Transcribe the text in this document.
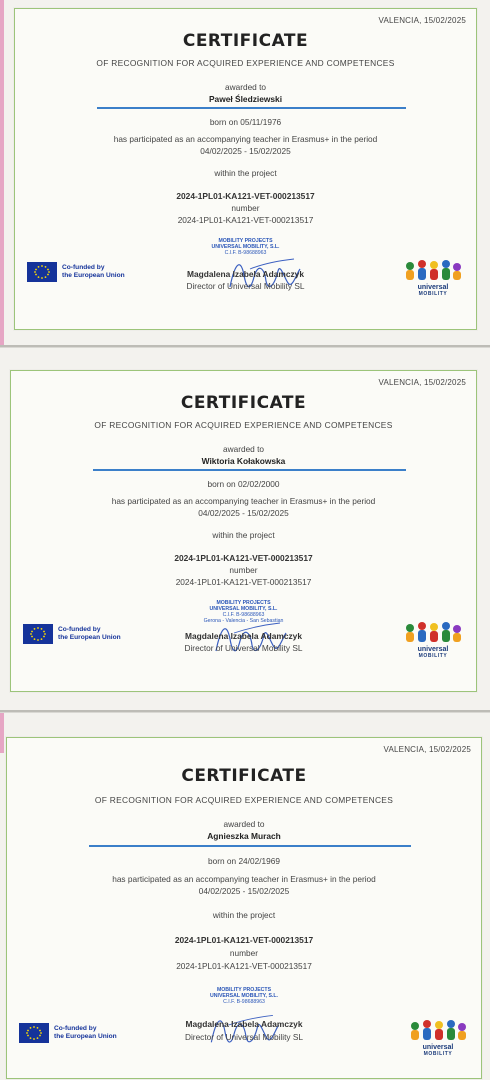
VALENCIA, 15/02/2025
CERTIFICATE
OF RECOGNITION FOR ACQUIRED EXPERIENCE AND COMPETENCES
awarded to
Paweł Śledziewski
born on 05/11/1976
has participated as an accompanying teacher in Erasmus+ in the period
04/02/2025 - 15/02/2025
within the project
2024-1PL01-KA121-VET-000213517
number
2024-1PL01-KA121-VET-000213517
MOBILITY PROJECTS
UNIVERSAL MOBILITY, S.L.
C.I.F. B-98688963
Magdalena Izabela Adamczyk
Director of Universal Mobility SL
Co-funded by
the European Union
universal
MOBILITY
VALENCIA, 15/02/2025
CERTIFICATE
OF RECOGNITION FOR ACQUIRED EXPERIENCE AND COMPETENCES
awarded to
Wiktoria Kołakowska
born on 02/02/2000
has participated as an accompanying teacher in Erasmus+ in the period
04/02/2025 - 15/02/2025
within the project
2024-1PL01-KA121-VET-000213517
number
2024-1PL01-KA121-VET-000213517
MOBILITY PROJECTS
UNIVERSAL MOBILITY, S.L.
C.I.F. B-98688963
Gerona - Valencia - San Sebastian
Magdalena Izabela Adamczyk
Director of Universal Mobility SL
Co-funded by
the European Union
universal
MOBILITY
VALENCIA, 15/02/2025
CERTIFICATE
OF RECOGNITION FOR ACQUIRED EXPERIENCE AND COMPETENCES
awarded to
Agnieszka Murach
born on 24/02/1969
has participated as an accompanying teacher in Erasmus+ in the period
04/02/2025 - 15/02/2025
within the project
2024-1PL01-KA121-VET-000213517
number
2024-1PL01-KA121-VET-000213517
MOBILITY PROJECTS
UNIVERSAL MOBILITY, S.L.
C.I.F. B-98688963
Magdalena Izabela Adamczyk
Director of Universal Mobility SL
Co-funded by
the European Union
universal
MOBILITY
